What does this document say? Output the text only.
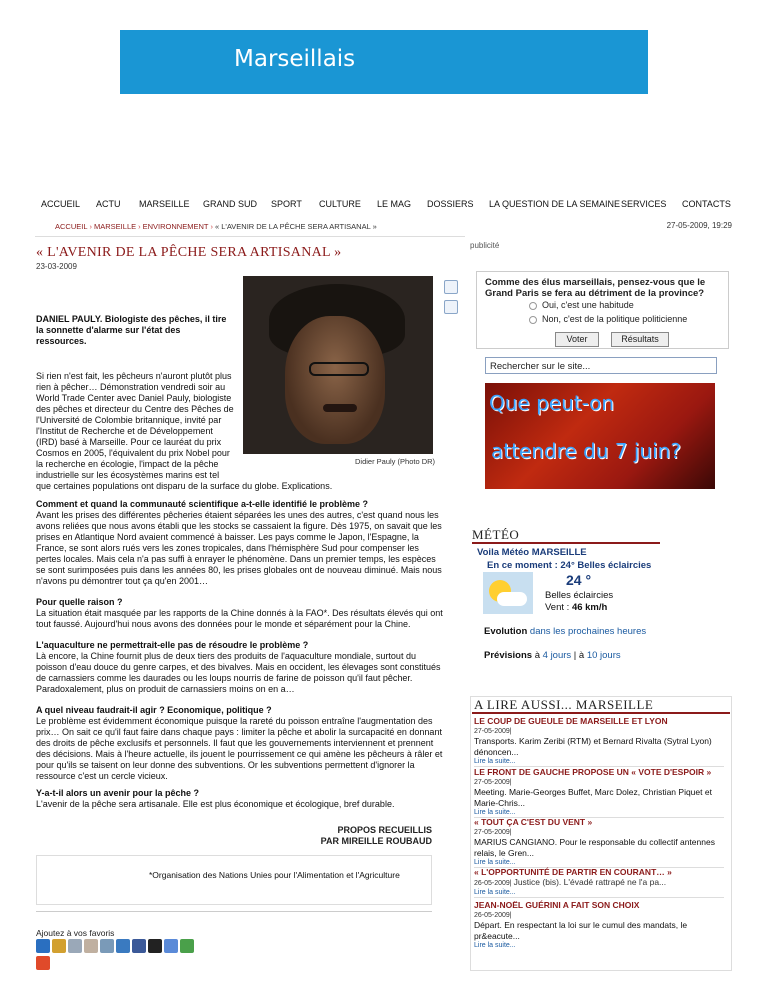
Marseillais
ACCUEIL ACTU MARSEILLE GRAND SUD SPORT CULTURE LE MAG DOSSIERS LA QUESTION DE LA SEMAINE SERVICES CONTACTS
ACCUEIL › MARSEILLE › ENVIRONNEMENT › « L'AVENIR DE LA PÊCHE SERA ARTISANAL »	27-05-2009, 19:29
« L'AVENIR DE LA PÊCHE SERA ARTISANAL »
23-03-2009
publicité
DANIEL PAULY. Biologiste des pêches, il tire la sonnette d'alarme sur l'état des ressources.
Didier Pauly (Photo DR)
Si rien n'est fait, les pêcheurs n'auront plutôt plus
rien à pêcher… Démonstration vendredi soir au
World Trade Center avec Daniel Pauly, biologiste
des pêches et directeur du Centre des Pêches de
l'Université de Colombie britannique, invité par
l'Institut de Recherche et de Développement
(IRD) basé à Marseille. Pour ce lauréat du prix
Cosmos en 2005, l'équivalent du prix Nobel pour
la recherche en écologie, l'impact de la pêche
industrielle sur les écosystèmes marins est tel
que certaines populations ont disparu de la surface du globe. Explications.
Comment et quand la communauté scientifique a-t-elle identifié le problème ?
Avant les prises des différentes pêcheries étaient séparées les unes des autres, c'est quand nous les
avons reliées que nous avons établi que les stocks se cassaient la figure. Dès 1975, on savait que les
prises en Atlantique Nord avaient commencé à baisser. Les pays comme le Japon, l'Espagne, la
France, se sont alors rués vers les zones tropicales, dans l'hémisphère Sud pour compenser les
pertes locales. Mais cela n'a pas suffi à enrayer le phénomène. Dans un premier temps, les espèces
se sont surimposées puis dans les années 80, les prises globales ont de nouveau diminué. Mais nous
n'avons pu démontrer tout ça qu'en 2001…
Pour quelle raison ?
La situation était masquée par les rapports de la Chine donnés à la FAO*. Des résultats élevés qui ont
tout faussé. Aujourd'hui nous avons des données pour le monde et séparément pour la Chine.
L'aquaculture ne permettrait-elle pas de résoudre le problème ?
Là encore, la Chine fournit plus de deux tiers des produits de l'aquaculture mondiale, surtout du
poisson d'eau douce du genre carpes, et des bivalves. Mais en occident, les élevages sont constitués
de carnassiers comme les daurades ou les loups nourris de farine de poisson qu'il faut pêcher.
Paradoxalement, plus on produit de carnassiers moins on en a…
A quel niveau faudrait-il agir ? Economique, politique ?
Le problème est évidemment économique puisque la rareté du poisson entraîne l'augmentation des
prix… On sait ce qu'il faut faire dans chaque pays : limiter la pêche et abolir la surcapacité en donnant
des droits de pêche exclusifs et personnels. Il faut que les gouvernements interviennent et prennent
des décisions. Mais à l'heure actuelle, ils jouent le pourrissement ce qui amène les pêcheurs à râler et
pour qu'ils se taisent on leur donne des subventions. Or les subventions permettent d'ignorer la
ressource c'est un cercle vicieux.
Y-a-t-il alors un avenir pour la pêche ?
L'avenir de la pêche sera artisanale. Elle est plus économique et écologique, bref durable.
PROPOS RECUEILLIS
PAR MIREILLE ROUBAUD
*Organisation des Nations Unies pour l'Alimentation et l'Agriculture
Ajoutez à vos favoris
Comme des élus marseillais, pensez-vous que le Grand Paris se fera au détriment de la province?
Oui, c'est une habitude
Non, c'est de la politique politicienne
Voter	Résultats
Rechercher sur le site...
Que peut-on
attendre du 7 juin?
MÉTÉO
Voila Météo MARSEILLE
En ce moment : 24° Belles éclaircies
24 °
Belles éclaircies
Vent : 46 km/h
Evolution dans les prochaines heures
Prévisions à 4 jours | à 10 jours
A LIRE AUSSI... MARSEILLE
LE COUP DE GUEULE DE MARSEILLE ET LYON
27-05-2009|
Transports. Karim Zeribi (RTM) et Bernard Rivalta (Sytral Lyon) dénoncen...
Lire la suite...
LE FRONT DE GAUCHE PROPOSE UN « VOTE D'ESPOIR »
27-05-2009|
Meeting. Marie-Georges Buffet, Marc Dolez, Christian Piquet et Marie-Chris...
Lire la suite...
« TOUT ÇA C'EST DU VENT »
27-05-2009|
MARIUS CANGIANO. Pour le responsable du collectif antennes relais, le Gren...
Lire la suite...
« L'OPPORTUNITÉ DE PARTIR EN COURANT… »
26-05-2009| Justice (bis). L'évadé rattrapé ne l'a pa...
Lire la suite...
JEAN-NOËL GUÉRINI A FAIT SON CHOIX
26-05-2009|
Départ. En respectant la loi sur le cumul des mandats, le pr&eacute...
Lire la suite...
